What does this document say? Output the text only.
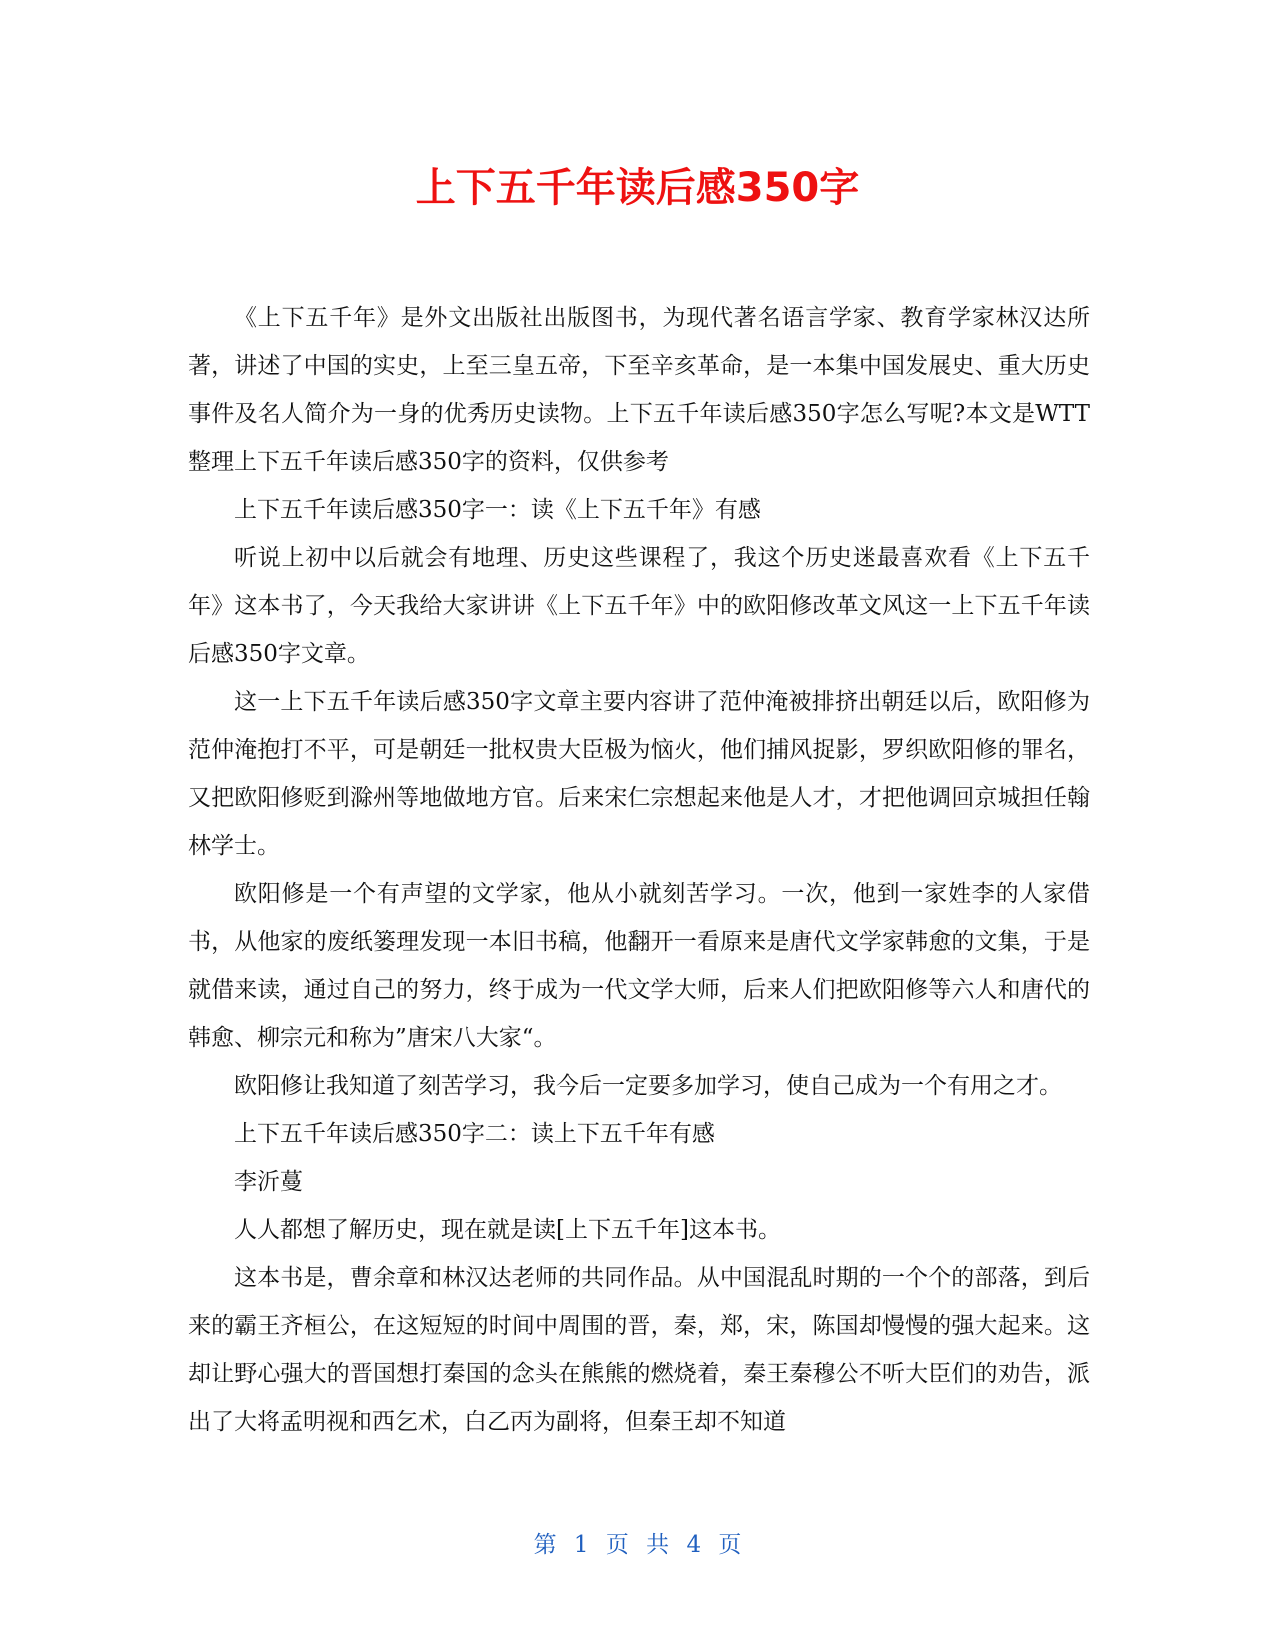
上下五千年读后感350字

《上下五千年》是外文出版社出版图书，为现代著名语言学家、教育学家林汉达所著，讲述了中国的实史，上至三皇五帝，下至辛亥革命，是一本集中国发展史、重大历史事件及名人简介为一身的优秀历史读物。上下五千年读后感350字怎么写呢?本文是WTT整理上下五千年读后感350字的资料，仅供参考

上下五千年读后感350字一：读《上下五千年》有感

听说上初中以后就会有地理、历史这些课程了，我这个历史迷最喜欢看《上下五千年》这本书了，今天我给大家讲讲《上下五千年》中的欧阳修改革文风这一上下五千年读后感350字文章。

这一上下五千年读后感350字文章主要内容讲了范仲淹被排挤出朝廷以后，欧阳修为范仲淹抱打不平，可是朝廷一批权贵大臣极为恼火，他们捕风捉影，罗织欧阳修的罪名，又把欧阳修贬到滁州等地做地方官。后来宋仁宗想起来他是人才，才把他调回京城担任翰林学士。

欧阳修是一个有声望的文学家，他从小就刻苦学习。一次，他到一家姓李的人家借书，从他家的废纸篓理发现一本旧书稿，他翻开一看原来是唐代文学家韩愈的文集，于是就借来读，通过自己的努力，终于成为一代文学大师，后来人们把欧阳修等六人和唐代的韩愈、柳宗元和称为”唐宋八大家“。

欧阳修让我知道了刻苦学习，我今后一定要多加学习，使自己成为一个有用之才。

上下五千年读后感350字二：读上下五千年有感

李沂蔓

人人都想了解历史，现在就是读[上下五千年]这本书。

这本书是，曹余章和林汉达老师的共同作品。从中国混乱时期的一个个的部落，到后来的霸王齐桓公，在这短短的时间中周围的晋，秦，郑，宋，陈国却慢慢的强大起来。这却让野心强大的晋国想打秦国的念头在熊熊的燃烧着，秦王秦穆公不听大臣们的劝告，派出了大将孟明视和西乞术，白乙丙为副将，但秦王却不知道

第 1 页 共 4 页
